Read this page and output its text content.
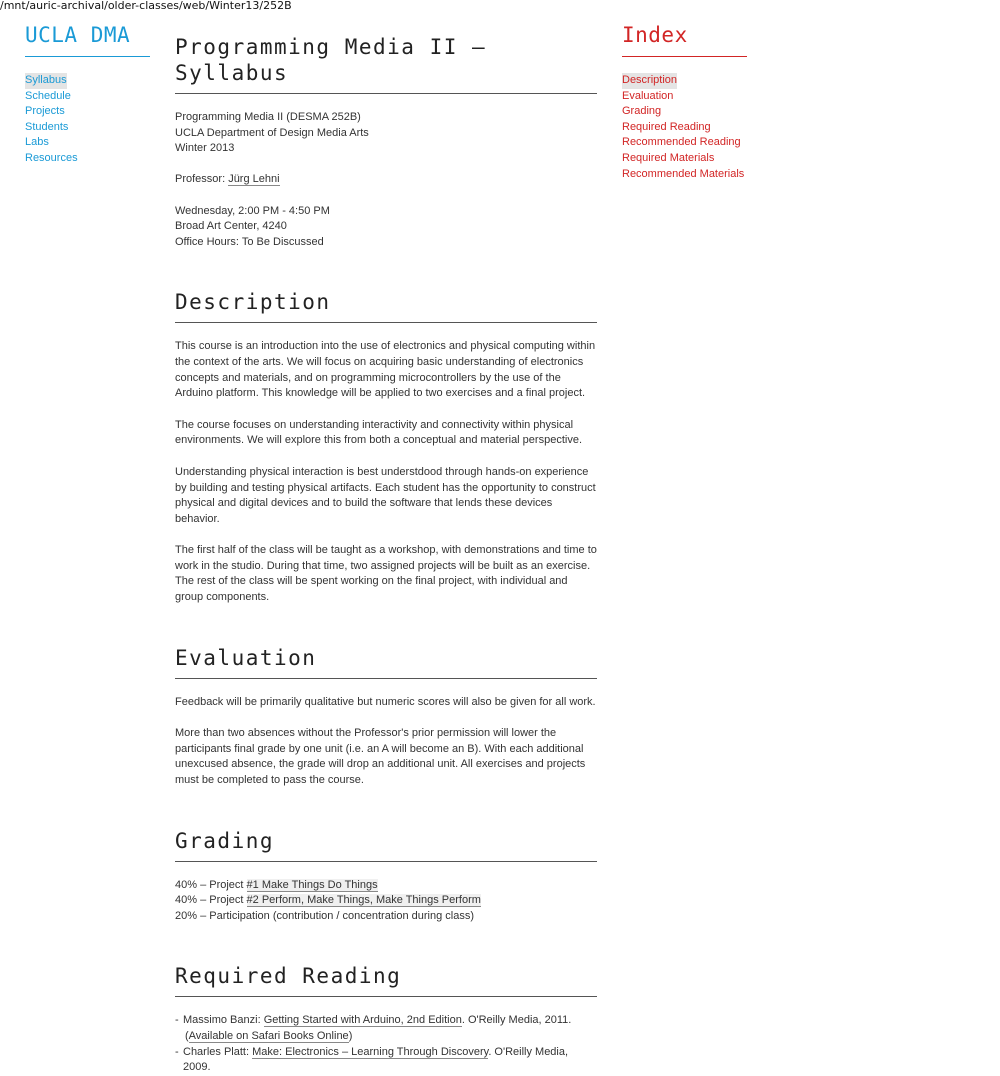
/mnt/auric-archival/older-classes/web/Winter13/252B
UCLA DMA
Syllabus
Schedule
Projects
Students
Labs
Resources
Programming Media II — Syllabus
Programming Media II (DESMA 252B)
UCLA Department of Design Media Arts
Winter 2013
Professor: Jürg Lehni
Wednesday, 2:00 PM - 4:50 PM
Broad Art Center, 4240
Office Hours: To Be Discussed
Description

This course is an introduction into the use of electronics and physical computing within the context of the arts. We will focus on acquiring basic understanding of electronics concepts and materials, and on programming microcontrollers by the use of the Arduino platform. This knowledge will be applied to two exercises and a final project.

The course focuses on understanding interactivity and connectivity within physical environments. We will explore this from both a conceptual and material perspective.

Understanding physical interaction is best understdood through hands-on experience by building and testing physical artifacts. Each student has the opportunity to construct physical and digital devices and to build the software that lends these devices behavior.

The first half of the class will be taught as a workshop, with demonstrations and time to work in the studio. During that time, two assigned projects will be built as an exercise. The rest of the class will be spent working on the final project, with individual and group components.

Evaluation

Feedback will be primarily qualitative but numeric scores will also be given for all work.

More than two absences without the Professor's prior permission will lower the participants final grade by one unit (i.e. an A will become an B). With each additional unexcused absence, the grade will drop an additional unit. All exercises and projects must be completed to pass the course.

Grading
40% – Project #1 Make Things Do Things
40% – Project #2 Perform, Make Things, Make Things Perform
20% – Participation (contribution / concentration during class)
Required Reading
- Massimo Banzi: Getting Started with Arduino, 2nd Edition. O'Reilly Media, 2011.
(Available on Safari Books Online)
- Charles Platt: Make: Electronics – Learning Through Discovery. O'Reilly Media, 2009.
Index
Description
Evaluation
Grading
Required Reading
Recommended Reading
Required Materials
Recommended Materials
